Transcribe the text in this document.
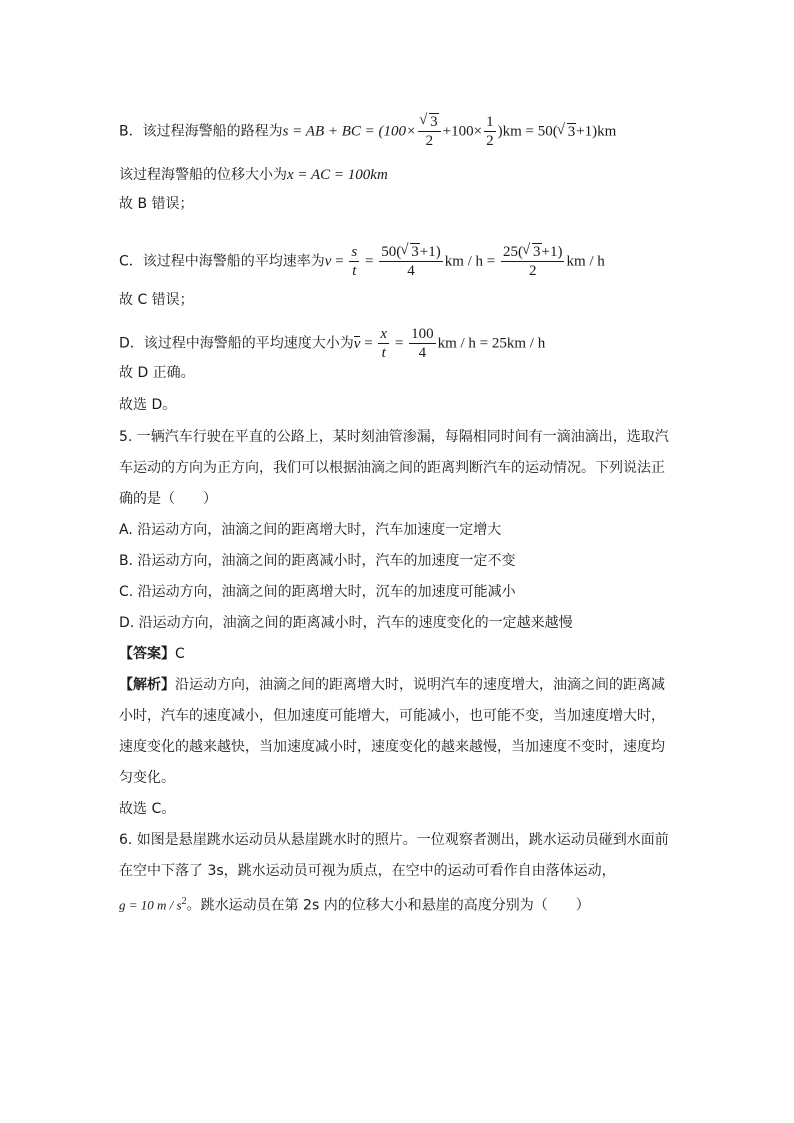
B．该过程海警船的路程为s = AB + BC = (100×
√ $\frac{3}{2} +100\times \frac{1}{2} )km = 50(√$ 3+1)km
该过程海警船的位移大小为x = AC = 100km
故 B 错误；
C．该过程中海警船的平均速率为$v = \frac{s}{t} = \frac{50(√ 3+1)}{4}$ km / $h = \frac{25(√ 3+1)}{2}$ km / h
故 C 错误；
D．该过程中海警船的平均速度大小为$v = \frac{x}{t} = \frac{100}{4}$ km / h = 25km / h
故 D 正确。
故选 D。
5. 一辆汽车行驶在平直的公路上，某时刻油管渗漏，每隔相同时间有一滴油滴出，选取汽
车运动的方向为正方向，我们可以根据油滴之间的距离判断汽车的运动情况。下列说法正
确的是（　　）
A. 沿运动方向，油滴之间的距离增大时，汽车加速度一定增大
B. 沿运动方向，油滴之间的距离减小时，汽车的加速度一定不变
C. 沿运动方向，油滴之间的距离增大时，沉车的加速度可能减小
D. 沿运动方向，油滴之间的距离减小时，汽车的速度变化的一定越来越慢
【答案】C
【解析】沿运动方向，油滴之间的距离增大时，说明汽车的速度增大，油滴之间的距离减
小时，汽车的速度减小，但加速度可能增大，可能减小，也可能不变，当加速度增大时，
速度变化的越来越快，当加速度减小时，速度变化的越来越慢，当加速度不变时，速度均
匀变化。
故选 C。
6. 如图是悬崖跳水运动员从悬崖跳水时的照片。一位观察者测出，跳水运动员碰到水面前
在空中下落了 3s，跳水运动员可视为质点，在空中的运动可看作自由落体运动，
g = 10 m / $s^2$。跳水运动员在第 2s 内的位移大小和悬崖的高度分别为（　　）
